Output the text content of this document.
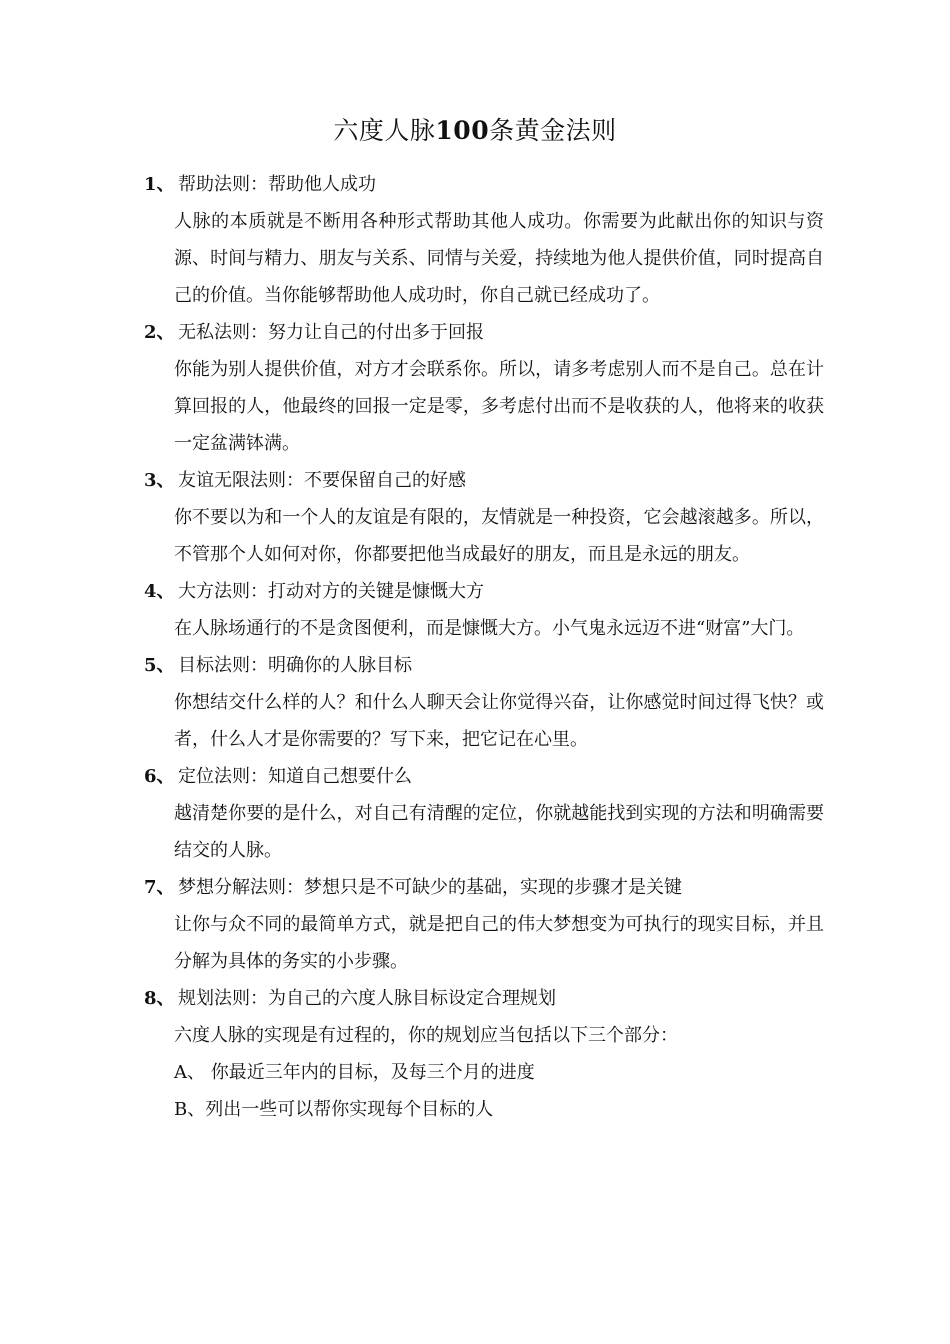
六度人脉100条黄金法则
1、 帮助法则：帮助他人成功
人脉的本质就是不断用各种形式帮助其他人成功。你需要为此献出你的知识与资源、时间与精力、朋友与关系、同情与关爱，持续地为他人提供价值，同时提高自己的价值。当你能够帮助他人成功时，你自己就已经成功了。
2、 无私法则：努力让自己的付出多于回报
你能为别人提供价值，对方才会联系你。所以，请多考虑别人而不是自己。总在计算回报的人，他最终的回报一定是零，多考虑付出而不是收获的人，他将来的收获一定盆满钵满。
3、 友谊无限法则：不要保留自己的好感
你不要以为和一个人的友谊是有限的，友情就是一种投资，它会越滚越多。所以，不管那个人如何对你，你都要把他当成最好的朋友，而且是永远的朋友。
4、 大方法则：打动对方的关键是慷慨大方
在人脉场通行的不是贪图便利，而是慷慨大方。小气鬼永远迈不进“财富”大门。
5、 目标法则：明确你的人脉目标
你想结交什么样的人？和什么人聊天会让你觉得兴奋，让你感觉时间过得飞快？或者，什么人才是你需要的？写下来，把它记在心里。
6、 定位法则：知道自己想要什么
越清楚你要的是什么，对自己有清醒的定位，你就越能找到实现的方法和明确需要结交的人脉。
7、 梦想分解法则：梦想只是不可缺少的基础，实现的步骤才是关键
让你与众不同的最简单方式，就是把自己的伟大梦想变为可执行的现实目标，并且分解为具体的务实的小步骤。
8、 规划法则：为自己的六度人脉目标设定合理规划
六度人脉的实现是有过程的，你的规划应当包括以下三个部分：
A、 你最近三年内的目标，及每三个月的进度
B、列出一些可以帮你实现每个目标的人
